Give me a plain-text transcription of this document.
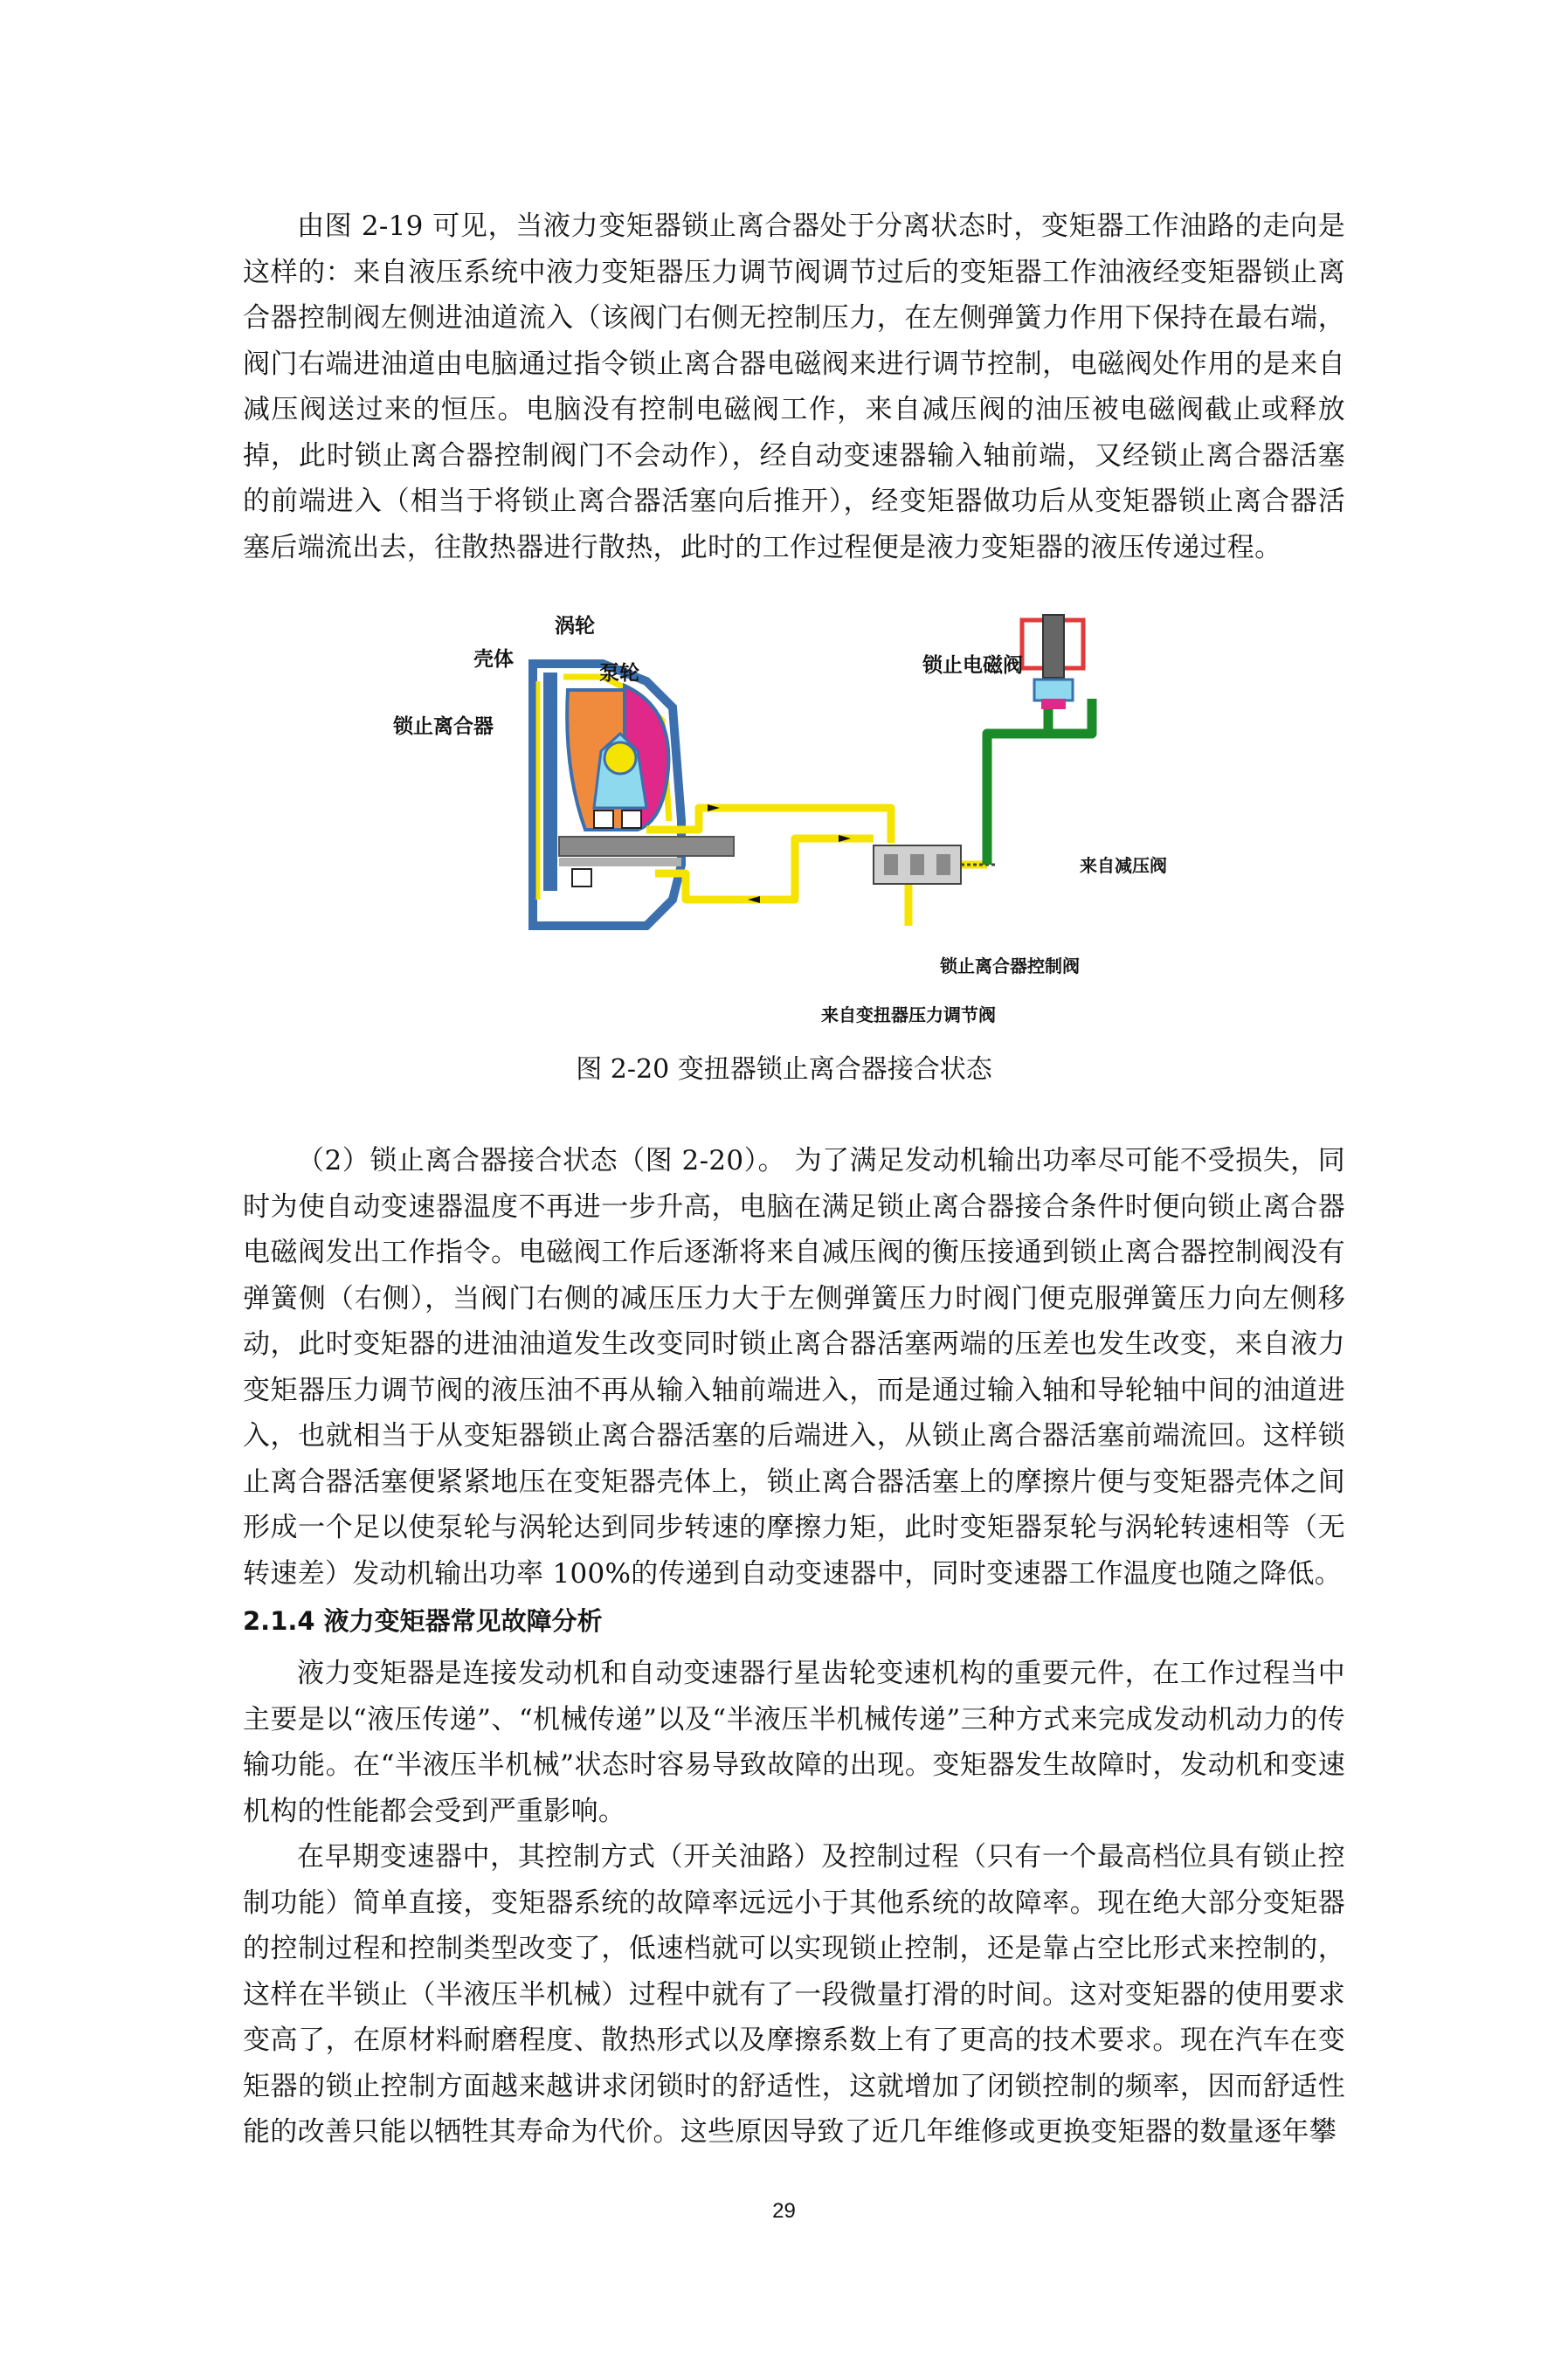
由图 2-19 可见，当液力变矩器锁止离合器处于分离状态时，变矩器工作油路的走向是这样的：来自液压系统中液力变矩器压力调节阀调节过后的变矩器工作油液经变矩器锁止离合器控制阀左侧进油道流入（该阀门右侧无控制压力，在左侧弹簧力作用下保持在最右端，阀门右端进油道由电脑通过指令锁止离合器电磁阀来进行调节控制，电磁阀处作用的是来自减压阀送过来的恒压。电脑没有控制电磁阀工作，来自减压阀的油压被电磁阀截止或释放掉，此时锁止离合器控制阀门不会动作），经自动变速器输入轴前端，又经锁止离合器活塞的前端进入（相当于将锁止离合器活塞向后推开），经变矩器做功后从变矩器锁止离合器活塞后端流出去，往散热器进行散热，此时的工作过程便是液力变矩器的液压传递过程。

涡轮
壳体
泵轮
锁止离合器
锁止电磁阀
来自减压阀
锁止离合器控制阀
来自变扭器压力调节阀

图 2-20 变扭器锁止离合器接合状态

（2）锁止离合器接合状态（图 2-20）。 为了满足发动机输出功率尽可能不受损失，同时为使自动变速器温度不再进一步升高，电脑在满足锁止离合器接合条件时便向锁止离合器电磁阀发出工作指令。电磁阀工作后逐渐将来自减压阀的衡压接通到锁止离合器控制阀没有弹簧侧（右侧），当阀门右侧的减压压力大于左侧弹簧压力时阀门便克服弹簧压力向左侧移动，此时变矩器的进油油道发生改变同时锁止离合器活塞两端的压差也发生改变，来自液力变矩器压力调节阀的液压油不再从输入轴前端进入，而是通过输入轴和导轮轴中间的油道进入，也就相当于从变矩器锁止离合器活塞的后端进入，从锁止离合器活塞前端流回。这样锁止离合器活塞便紧紧地压在变矩器壳体上，锁止离合器活塞上的摩擦片便与变矩器壳体之间形成一个足以使泵轮与涡轮达到同步转速的摩擦力矩，此时变矩器泵轮与涡轮转速相等（无转速差）发动机输出功率 100%的传递到自动变速器中，同时变速器工作温度也随之降低。

2.1.4 液力变矩器常见故障分析

液力变矩器是连接发动机和自动变速器行星齿轮变速机构的重要元件，在工作过程当中主要是以“液压传递”、“机械传递”以及“半液压半机械传递”三种方式来完成发动机动力的传输功能。在“半液压半机械”状态时容易导致故障的出现。变矩器发生故障时，发动机和变速机构的性能都会受到严重影响。

在早期变速器中，其控制方式（开关油路）及控制过程（只有一个最高档位具有锁止控制功能）简单直接，变矩器系统的故障率远远小于其他系统的故障率。现在绝大部分变矩器的控制过程和控制类型改变了，低速档就可以实现锁止控制，还是靠占空比形式来控制的，这样在半锁止（半液压半机械）过程中就有了一段微量打滑的时间。这对变矩器的使用要求变高了，在原材料耐磨程度、散热形式以及摩擦系数上有了更高的技术要求。现在汽车在变矩器的锁止控制方面越来越讲求闭锁时的舒适性，这就增加了闭锁控制的频率，因而舒适性能的改善只能以牺牲其寿命为代价。这些原因导致了近几年维修或更换变矩器的数量逐年攀

29
